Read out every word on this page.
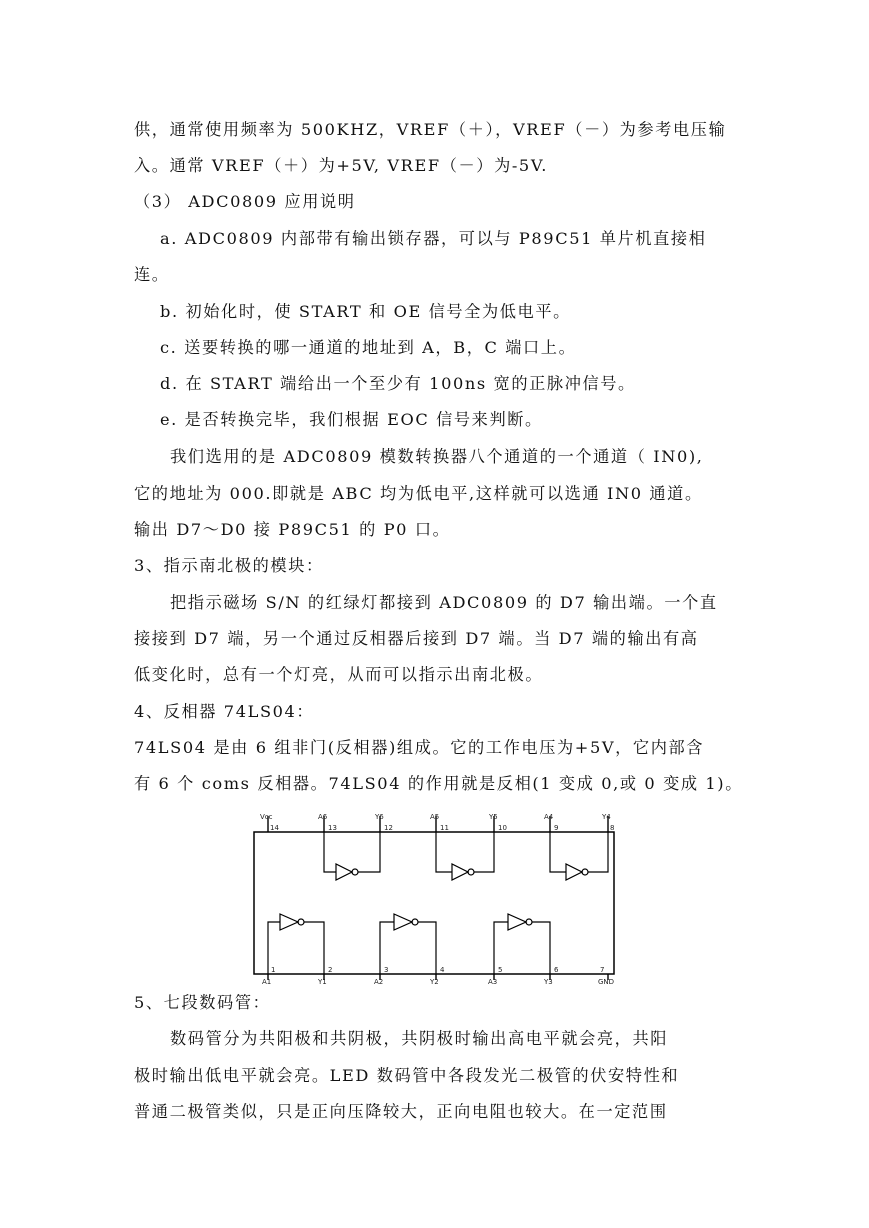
供，通常使用频率为 500KHZ，VREF（＋），VREF（－）为参考电压输
入。通常 VREF（＋）为+5V, VREF（－）为-5V.
（3） ADC0809 应用说明
a. ADC0809 内部带有输出锁存器，可以与 P89C51 单片机直接相
连。
b. 初始化时，使 START 和 OE 信号全为低电平。
c. 送要转换的哪一通道的地址到 A，B，C 端口上。
d. 在 START 端给出一个至少有 100ns 宽的正脉冲信号。
e. 是否转换完毕，我们根据 EOC 信号来判断。
我们选用的是 ADC0809 模数转换器八个通道的一个通道（ IN0),
它的地址为 000.即就是 ABC 均为低电平,这样就可以选通 IN0 通道。
输出 D7～D0 接 P89C51 的 P0 口。
3、指示南北极的模块：
把指示磁场 S/N 的红绿灯都接到 ADC0809 的 D7 输出端。一个直
接接到 D7 端，另一个通过反相器后接到 D7 端。当 D7 端的输出有高
低变化时，总有一个灯亮，从而可以指示出南北极。
4、反相器 74LS04：
74LS04 是由 6 组非门(反相器)组成。它的工作电压为+5V，它内部含
有 6 个 coms 反相器。74LS04 的作用就是反相(1 变成 0,或 0 变成 1)。
Vcc	A6	Y6	A5	Y5	A4	Y4
14	13	12	11	10	9	8
1	2	3	4	5	6	7
A1	Y1	A2	Y2	A3	Y3	GND
5、七段数码管：
数码管分为共阳极和共阴极，共阴极时输出高电平就会亮，共阳
极时输出低电平就会亮。LED 数码管中各段发光二极管的伏安特性和
普通二极管类似，只是正向压降较大，正向电阻也较大。在一定范围
